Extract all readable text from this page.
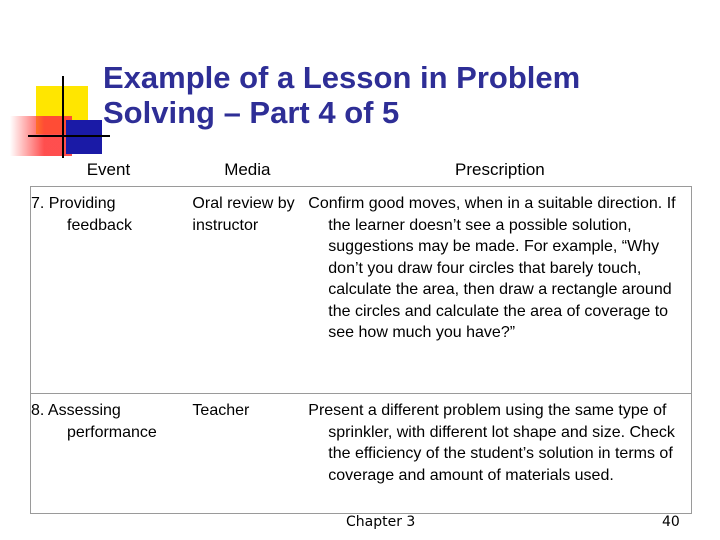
Example of a Lesson in Problem
Solving – Part 4 of 5
Event	Media	Prescription
7. Providing feedback	Oral review by instructor	Confirm good moves, when in a suitable direction. If the learner doesn’t see a possible solution, suggestions may be made. For example, “Why don’t you draw four circles that barely touch, calculate the area, then draw a rectangle around the circles and calculate the area of coverage to see how much you have?”
8. Assessing performance	Teacher	Present a different problem using the same type of sprinkler, with different lot shape and size. Check the efficiency of the student’s solution in terms of coverage and amount of materials used.
Chapter 3	40
